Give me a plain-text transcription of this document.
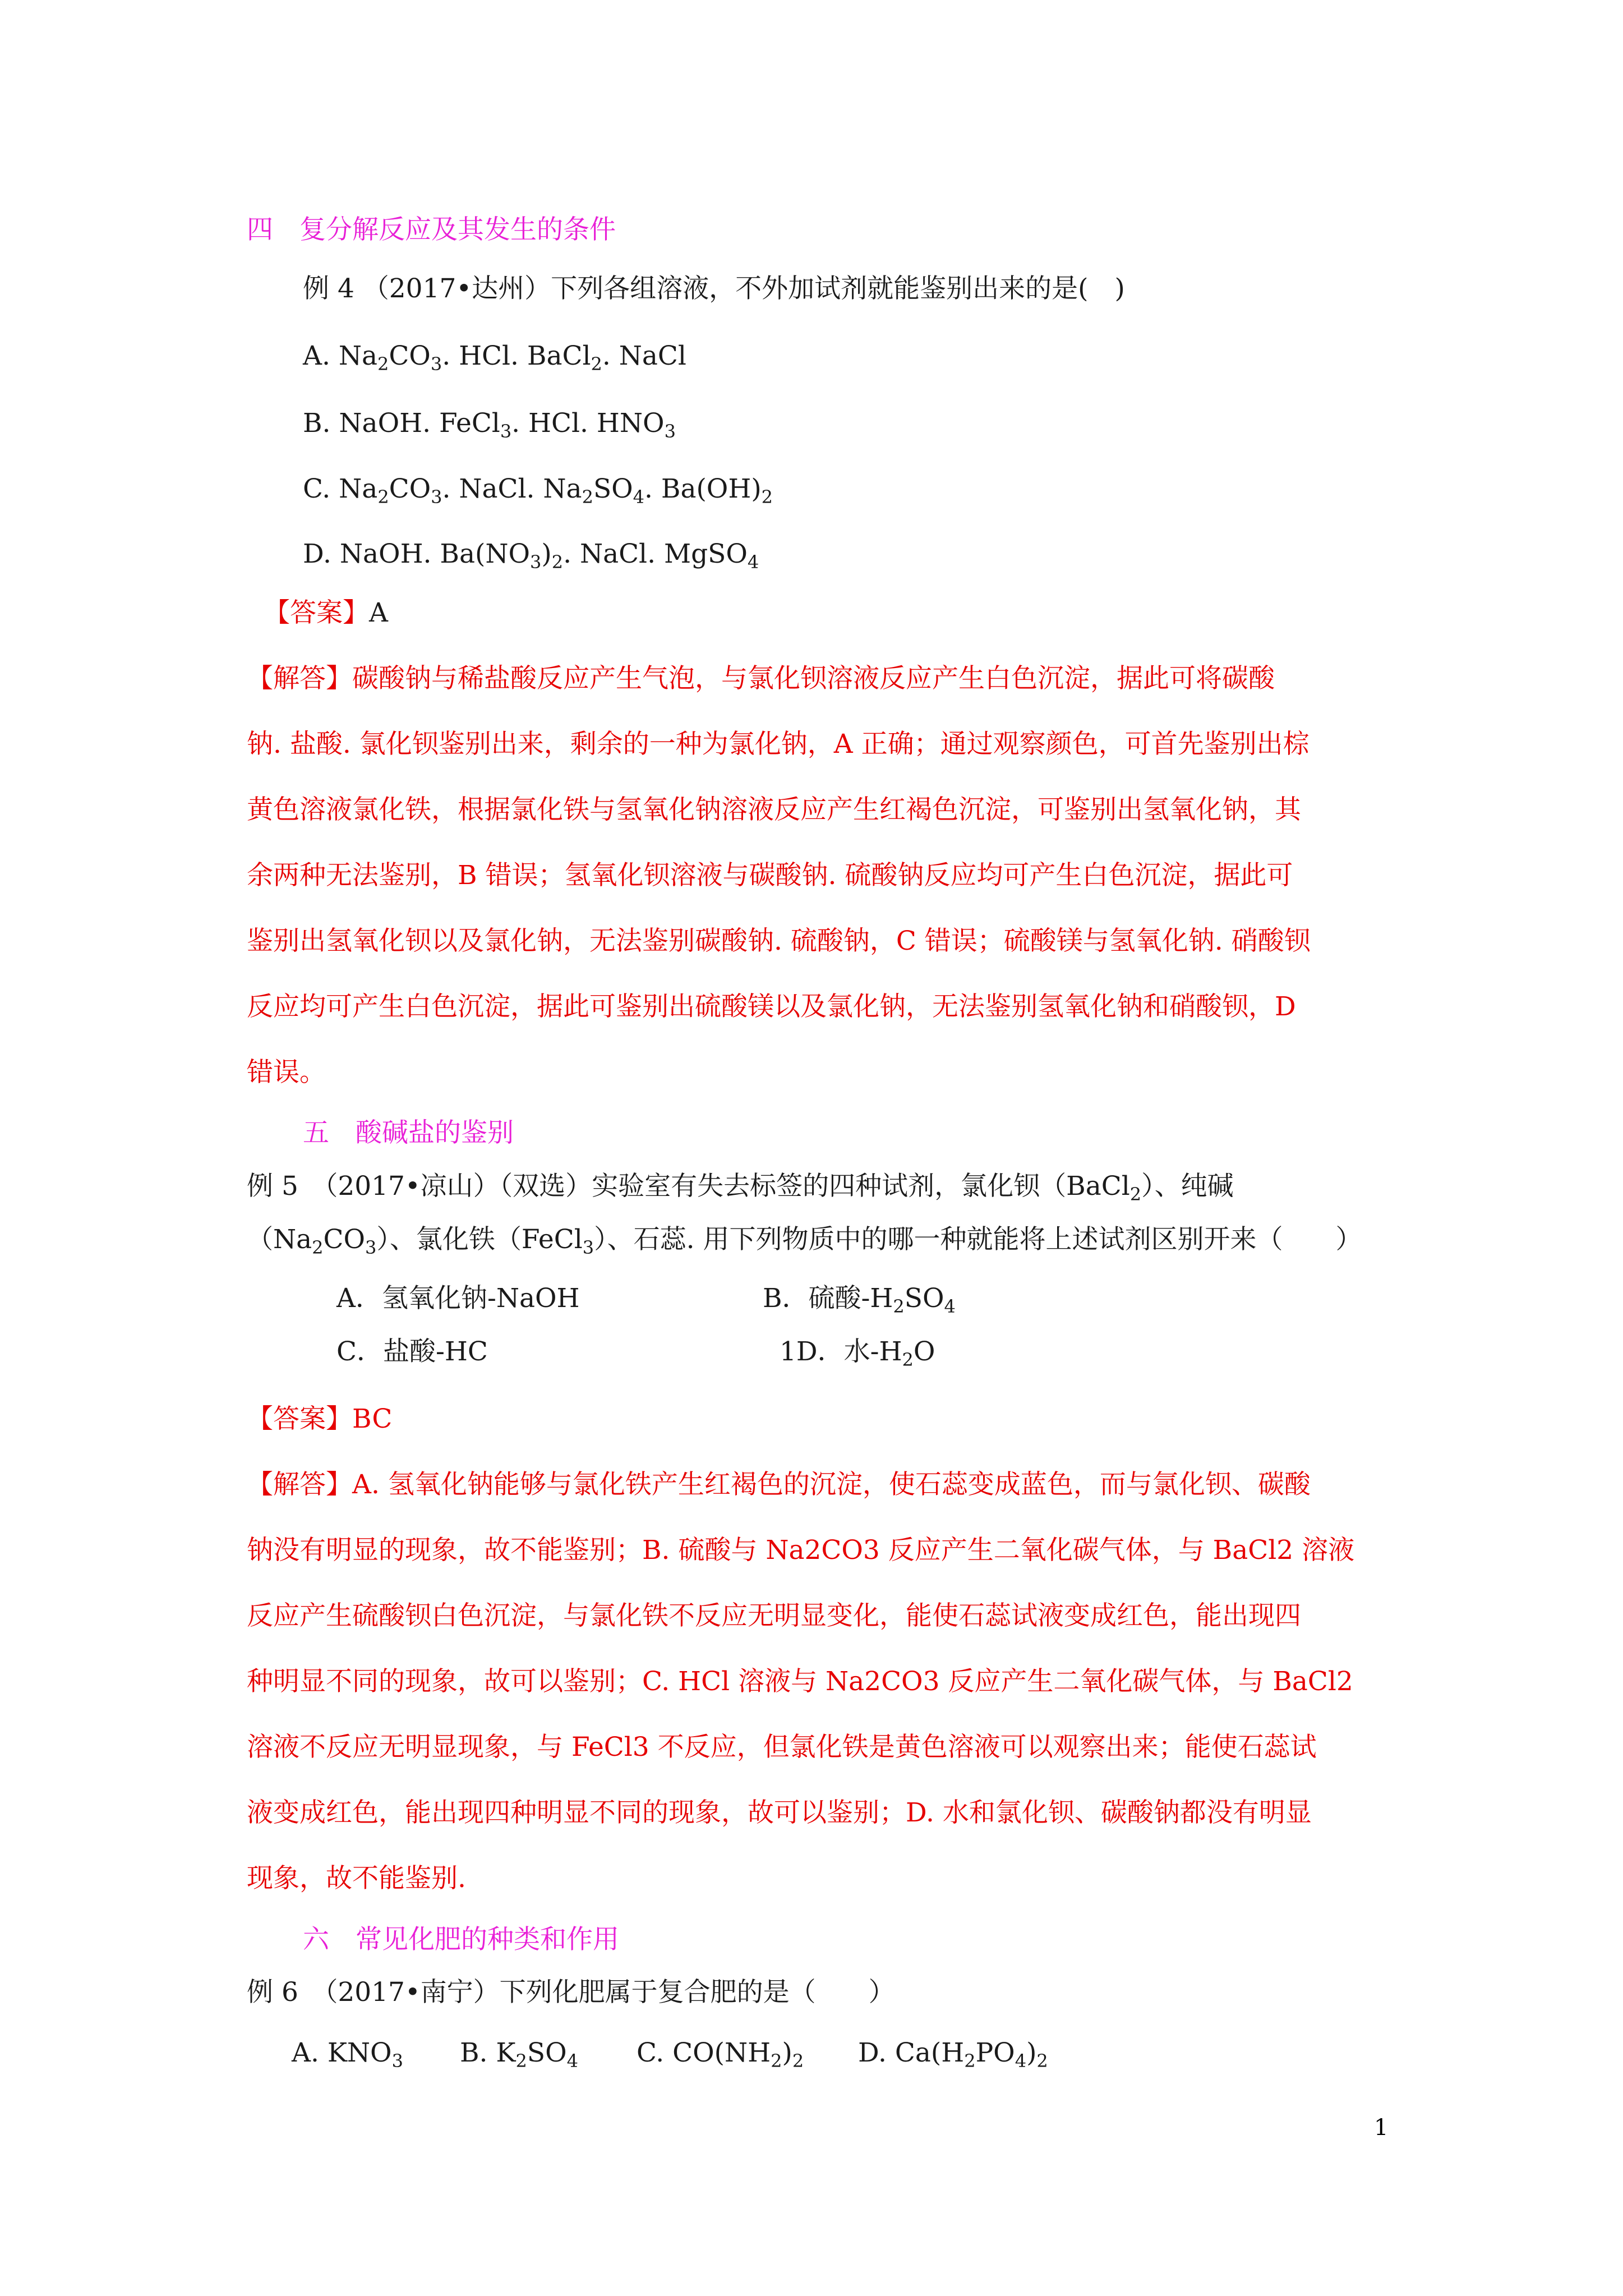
四　复分解反应及其发生的条件
例 4 （2017•达州）下列各组溶液，不外加试剂就能鉴别出来的是(　)
A. $Na_2CO_3$. HCl. BaCl$_2$. NaCl
B. NaOH. FeCl$_3$. HCl. $HNO_3$
C. $Na_2CO_3$. NaCl. $Na_2SO_4$. $Ba(OH)_2$
D. NaOH. $Ba(NO_3)_2$. NaCl. MgSO$_4$
【答案】A
【解答】碳酸钠与稀盐酸反应产生气泡，与氯化钡溶液反应产生白色沉淀，据此可将碳酸
钠. 盐酸. 氯化钡鉴别出来，剩余的一种为氯化钠，A 正确；通过观察颜色，可首先鉴别出棕
黄色溶液氯化铁，根据氯化铁与氢氧化钠溶液反应产生红褐色沉淀，可鉴别出氢氧化钠，其
余两种无法鉴别，B 错误；氢氧化钡溶液与碳酸钠. 硫酸钠反应均可产生白色沉淀，据此可
鉴别出氢氧化钡以及氯化钠，无法鉴别碳酸钠. 硫酸钠，C 错误；硫酸镁与氢氧化钠. 硝酸钡
反应均可产生白色沉淀，据此可鉴别出硫酸镁以及氯化钠，无法鉴别氢氧化钠和硝酸钡，D
错误。
五　酸碱盐的鉴别
例 5　（2017•凉山）（双选）实验室有失去标签的四种试剂，氯化钡（BaCl$_2$）、纯碱
$(Na_2CO_3)$、氯化铁（FeCl$_3$）、石蕊. 用下列物质中的哪一种就能将上述试剂区别开来（　　）
A．氢氧化钠-NaOH	B．硫酸$-H_2SO_4$
C．盐酸-HC	1D．水$-H_2O$
【答案】BC
【解答】A. 氢氧化钠能够与氯化铁产生红褐色的沉淀，使石蕊变成蓝色，而与氯化钡、碳酸
钠没有明显的现象，故不能鉴别；B. 硫酸与 Na2CO3 反应产生二氧化碳气体，与 BaCl2 溶液
反应产生硫酸钡白色沉淀，与氯化铁不反应无明显变化，能使石蕊试液变成红色，能出现四
种明显不同的现象，故可以鉴别；C. HCl 溶液与 Na2CO3 反应产生二氧化碳气体，与 BaCl2
溶液不反应无明显现象，与 FeCl3 不反应，但氯化铁是黄色溶液可以观察出来；能使石蕊试
液变成红色，能出现四种明显不同的现象，故可以鉴别；D. 水和氯化钡、碳酸钠都没有明显
现象，故不能鉴别.
六　常见化肥的种类和作用
例 6　（2017•南宁）下列化肥属于复合肥的是（　　）
A. $KNO_3$ B. $K_2SO_4$ C. $CO(NH_2)_2$ D. $Ca(H_2PO_4)_2$
1
